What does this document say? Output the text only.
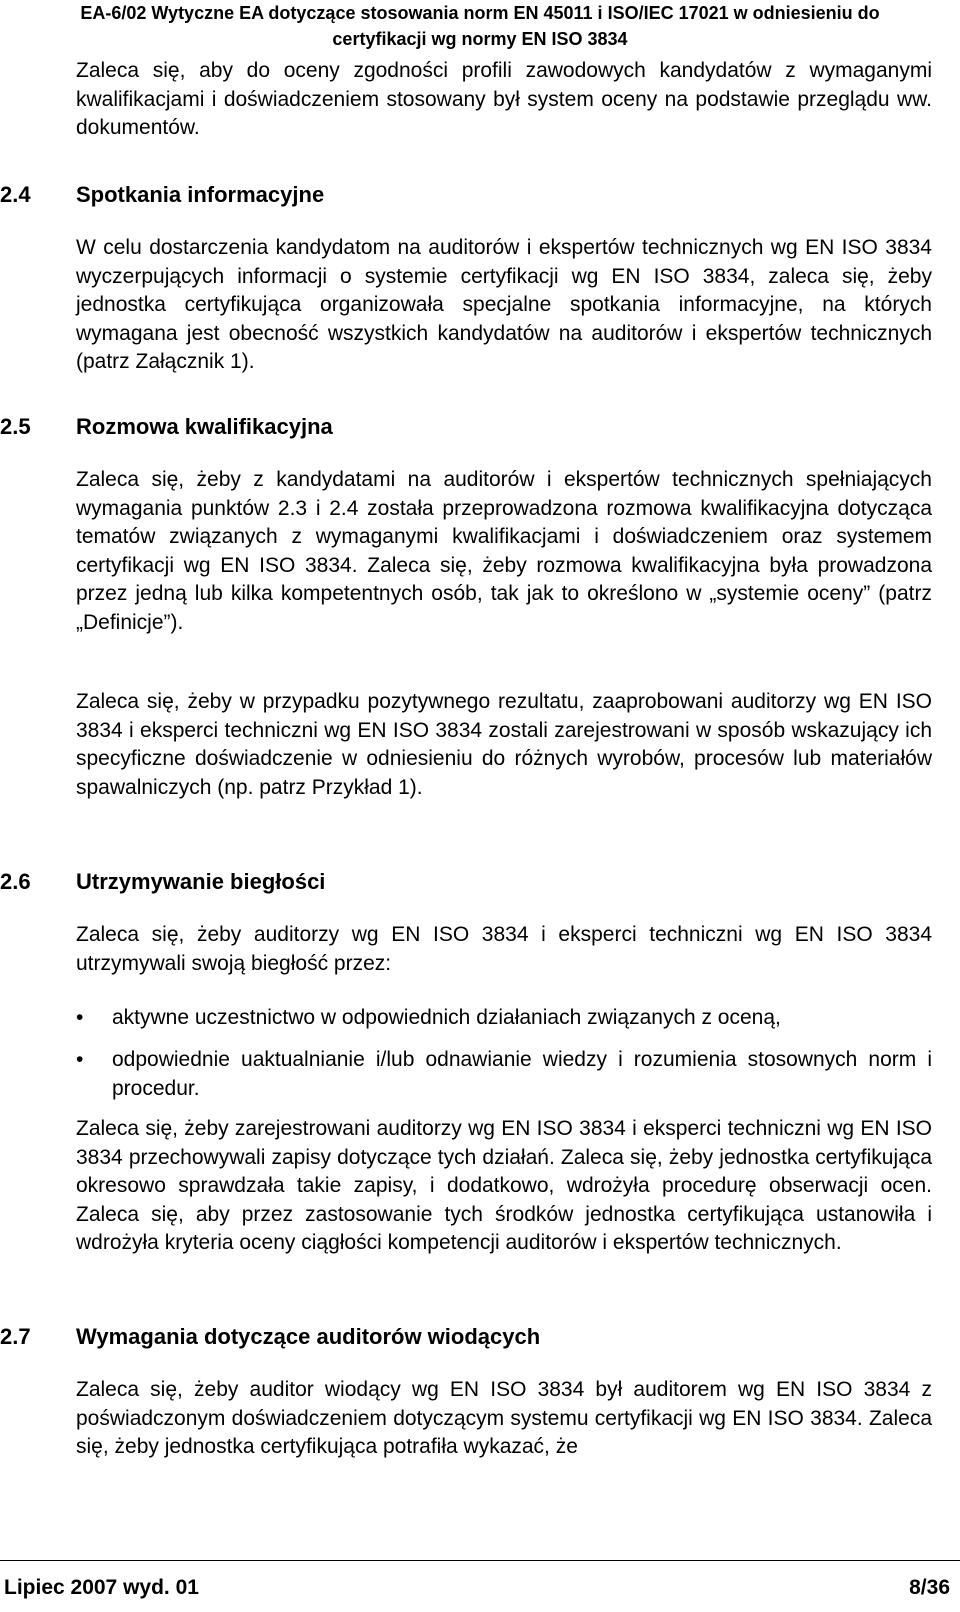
EA-6/02 Wytyczne EA dotyczące stosowania norm EN 45011 i ISO/IEC 17021 w odniesieniu do
certyfikacji wg normy EN ISO 3834

Zaleca się, aby do oceny zgodności profili zawodowych kandydatów z wymaganymi kwalifikacjami i doświadczeniem stosowany był system oceny na podstawie przeglądu ww. dokumentów.

2.4 Spotkania informacyjne

W celu dostarczenia kandydatom na auditorów i ekspertów technicznych wg EN ISO 3834 wyczerpujących informacji o systemie certyfikacji wg EN ISO 3834, zaleca się, żeby jednostka certyfikująca organizowała specjalne spotkania informacyjne, na których wymagana jest obecność wszystkich kandydatów na auditorów i ekspertów technicznych (patrz Załącznik 1).

2.5 Rozmowa kwalifikacyjna

Zaleca się, żeby z kandydatami na auditorów i ekspertów technicznych spełniających wymagania punktów 2.3 i 2.4 została przeprowadzona rozmowa kwalifikacyjna dotycząca tematów związanych z wymaganymi kwalifikacjami i doświadczeniem oraz systemem certyfikacji wg EN ISO 3834. Zaleca się, żeby rozmowa kwalifikacyjna była prowadzona przez jedną lub kilka kompetentnych osób, tak jak to określono w „systemie oceny” (patrz „Definicje”).

Zaleca się, żeby w przypadku pozytywnego rezultatu, zaaprobowani auditorzy wg EN ISO 3834 i eksperci techniczni wg EN ISO 3834 zostali zarejestrowani w sposób wskazujący ich specyficzne doświadczenie w odniesieniu do różnych wyrobów, procesów lub materiałów spawalniczych (np. patrz Przykład 1).

2.6 Utrzymywanie biegłości

Zaleca się, żeby auditorzy wg EN ISO 3834 i eksperci techniczni wg EN ISO 3834 utrzymywali swoją biegłość przez:

• aktywne uczestnictwo w odpowiednich działaniach związanych z oceną,

• odpowiednie uaktualnianie i/lub odnawianie wiedzy i rozumienia stosownych norm i procedur.

Zaleca się, żeby zarejestrowani auditorzy wg EN ISO 3834 i eksperci techniczni wg EN ISO 3834 przechowywali zapisy dotyczące tych działań. Zaleca się, żeby jednostka certyfikująca okresowo sprawdzała takie zapisy, i dodatkowo, wdrożyła procedurę obserwacji ocen. Zaleca się, aby przez zastosowanie tych środków jednostka certyfikująca ustanowiła i wdrożyła kryteria oceny ciągłości kompetencji auditorów i ekspertów technicznych.

2.7 Wymagania dotyczące auditorów wiodących

Zaleca się, żeby auditor wiodący wg EN ISO 3834 był auditorem wg EN ISO 3834 z poświadczonym doświadczeniem dotyczącym systemu certyfikacji wg EN ISO 3834. Zaleca się, żeby jednostka certyfikująca potrafiła wykazać, że

Lipiec 2007 wyd. 01	8/36
